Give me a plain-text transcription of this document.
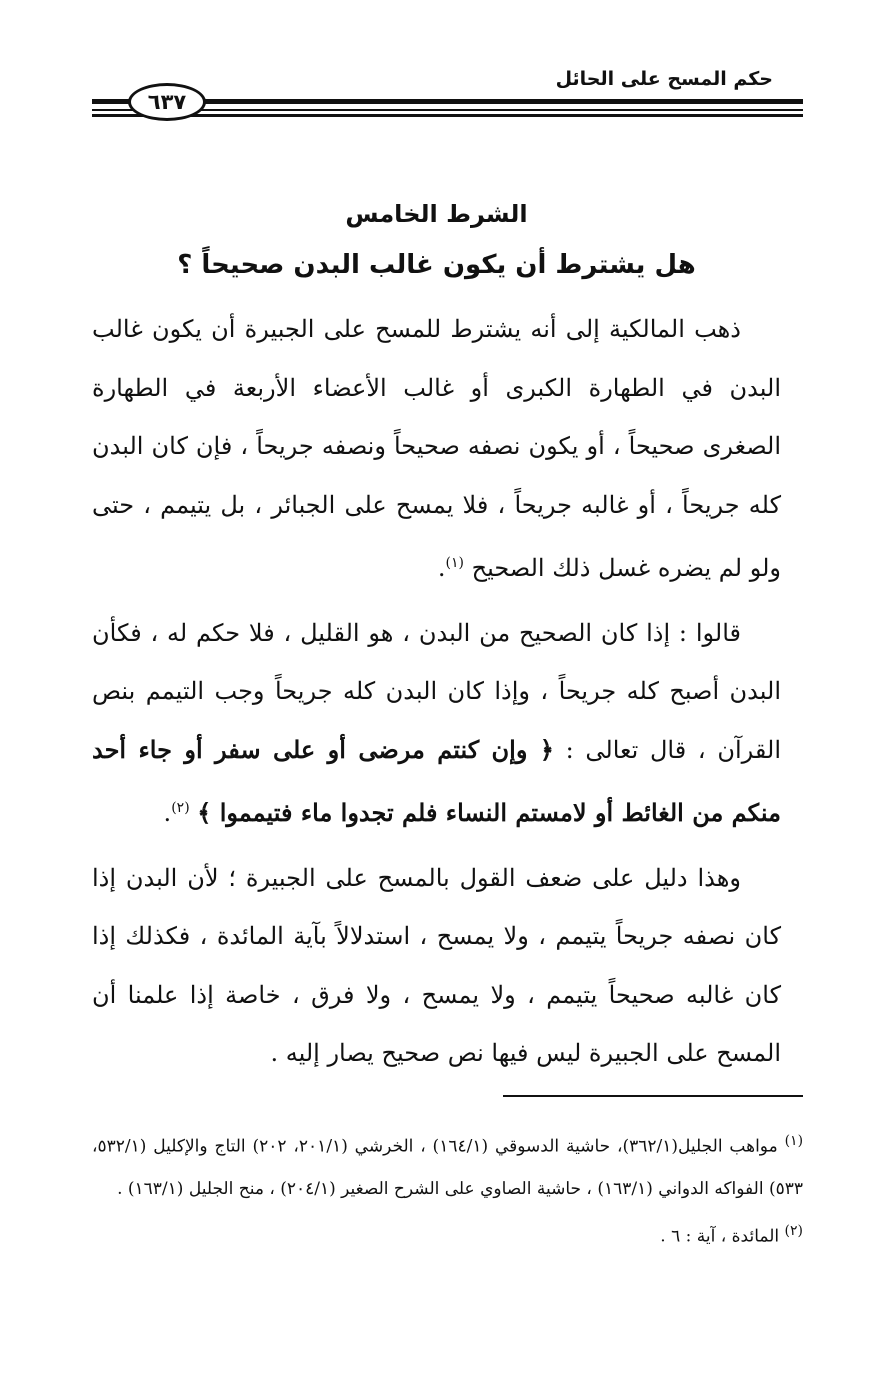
حكم المسح على الحائل
٦٣٧
الشرط الخامس
هل يشترط أن يكون غالب البدن صحيحاً ؟

ذهب المالكية إلى أنه يشترط للمسح على الجبيرة أن يكون غالب البدن في الطهارة الكبرى أو غالب الأعضاء الأربعة في الطهارة الصغرى صحيحاً ، أو يكون نصفه صحيحاً ونصفه جريحاً ، فإن كان البدن كله جريحاً ، أو غالبه جريحاً ، فلا يمسح على الجبائر ، بل يتيمم ، حتى ولو لم يضره غسل ذلك الصحيح $^{(١)}$.

قالوا : إذا كان الصحيح من البدن ، هو القليل ، فلا حكم له ، فكأن البدن أصبح كله جريحاً ، وإذا كان البدن كله جريحاً وجب التيمم بنص القرآن ، قال تعالى : ﴿ وإن كنتم مرضى أو على سفر أو جاء أحد منكم من الغائط أو لامستم النساء فلم تجدوا ماء فتيمموا ﴾ $^{(٢)}$.

وهذا دليل على ضعف القول بالمسح على الجبيرة ؛ لأن البدن إذا كان نصفه جريحاً يتيمم ، ولا يمسح ، استدلالاً بآية المائدة ، فكذلك إذا كان غالبه صحيحاً يتيمم ، ولا يمسح ، ولا فرق ، خاصة إذا علمنا أن المسح على الجبيرة ليس فيها نص صحيح يصار إليه .

$^{(١)}$ مواهب الجليل(٣٦٢/١)، حاشية الدسوقي (١٦٤/١) ، الخرشي (٢٠١/١، ٢٠٢) التاج والإكليل (٥٣٢/١، ٥٣٣) الفواكه الدواني (١٦٣/١) ، حاشية الصاوي على الشرح الصغير (٢٠٤/١) ، منح الجليل (١٦٣/١) .

$^{(٢)}$ المائدة ، آية : ٦ .
